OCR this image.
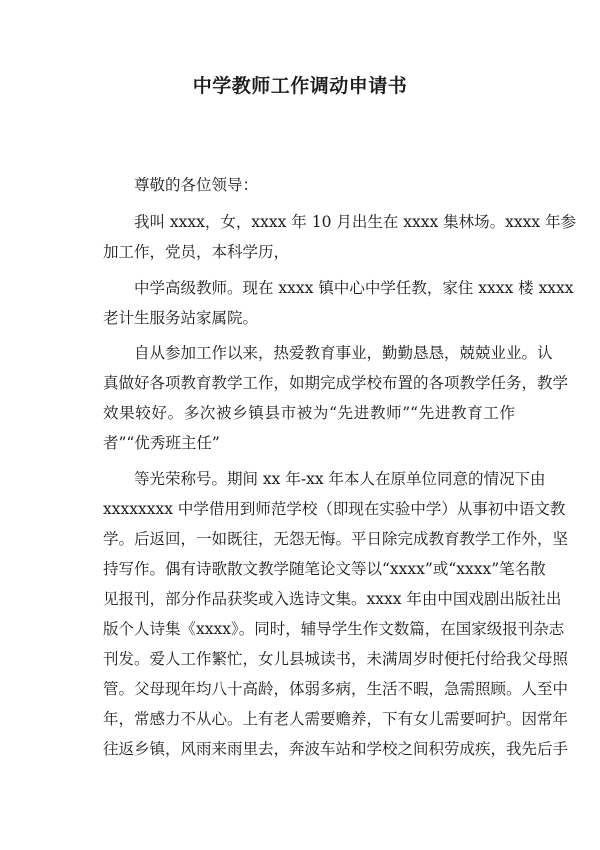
中学教师工作调动申请书
尊敬的各位领导：
我叫 xxxx，女，xxxx 年 10 月出生在 xxxx 集林场。xxxx 年参
加工作，党员，本科学历，
中学高级教师。现在 xxxx 镇中心中学任教，家住 xxxx 楼 xxxx
老计生服务站家属院。
自从参加工作以来，热爱教育事业，勤勤恳恳，兢兢业业。认
真做好各项教育教学工作，如期完成学校布置的各项教学任务，教学
效果较好。多次被乡镇县市被为“先进教师”“先进教育工作
者”“优秀班主任”
等光荣称号。期间 xx 年-xx 年本人在原单位同意的情况下由
xxxxxxxx 中学借用到师范学校（即现在实验中学）从事初中语文教
学。后返回，一如既往，无怨无悔。平日除完成教育教学工作外，坚
持写作。偶有诗歌散文教学随笔论文等以“xxxx”或“xxxx”笔名散
见报刊，部分作品获奖或入选诗文集。xxxx 年由中国戏剧出版社出
版个人诗集《xxxx》。同时，辅导学生作文数篇，在国家级报刊杂志
刊发。爱人工作繁忙，女儿县城读书，未满周岁时便托付给我父母照
管。父母现年均八十高龄，体弱多病，生活不暇，急需照顾。人至中
年，常感力不从心。上有老人需要赡养，下有女儿需要呵护。因常年
往返乡镇，风雨来雨里去，奔波车站和学校之间积劳成疾，我先后手
